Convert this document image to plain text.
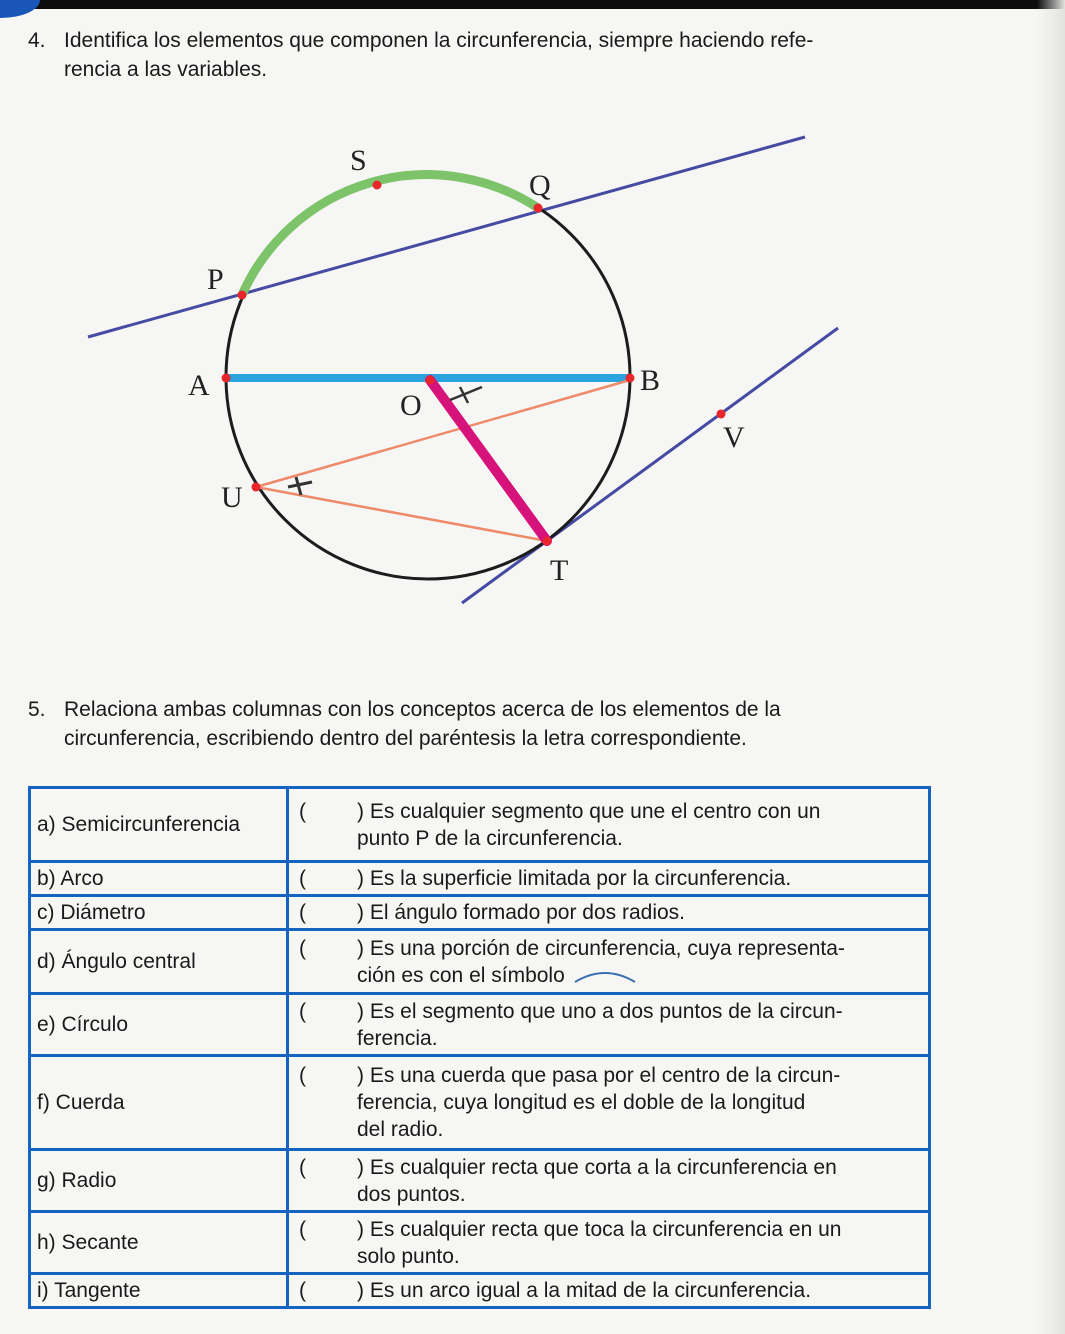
4. Identifica los elementos que componen la circunferencia, siempre haciendo refe-
rencia a las variables.
S
Q
P
A	B
O
V
U
T
5. Relaciona ambas columnas con los conceptos acerca de los elementos de la
circunferencia, escribiendo dentro del paréntesis la letra correspondiente.
a) Semicircunferencia	( ) Es cualquier segmento que une el centro con un
punto P de la circunferencia.
b) Arco	( ) Es la superficie limitada por la circunferencia.
c) Diámetro	( ) El ángulo formado por dos radios.
d) Ángulo central	( ) Es una porción de circunferencia, cuya representa-
ción es con el símbolo
e) Círculo	( ) Es el segmento que uno a dos puntos de la circun-
ferencia.
f) Cuerda	( ) Es una cuerda que pasa por el centro de la circun-
ferencia, cuya longitud es el doble de la longitud
del radio.
g) Radio	( ) Es cualquier recta que corta a la circunferencia en
dos puntos.
h) Secante	( ) Es cualquier recta que toca la circunferencia en un
solo punto.
i) Tangente	( ) Es un arco igual a la mitad de la circunferencia.
